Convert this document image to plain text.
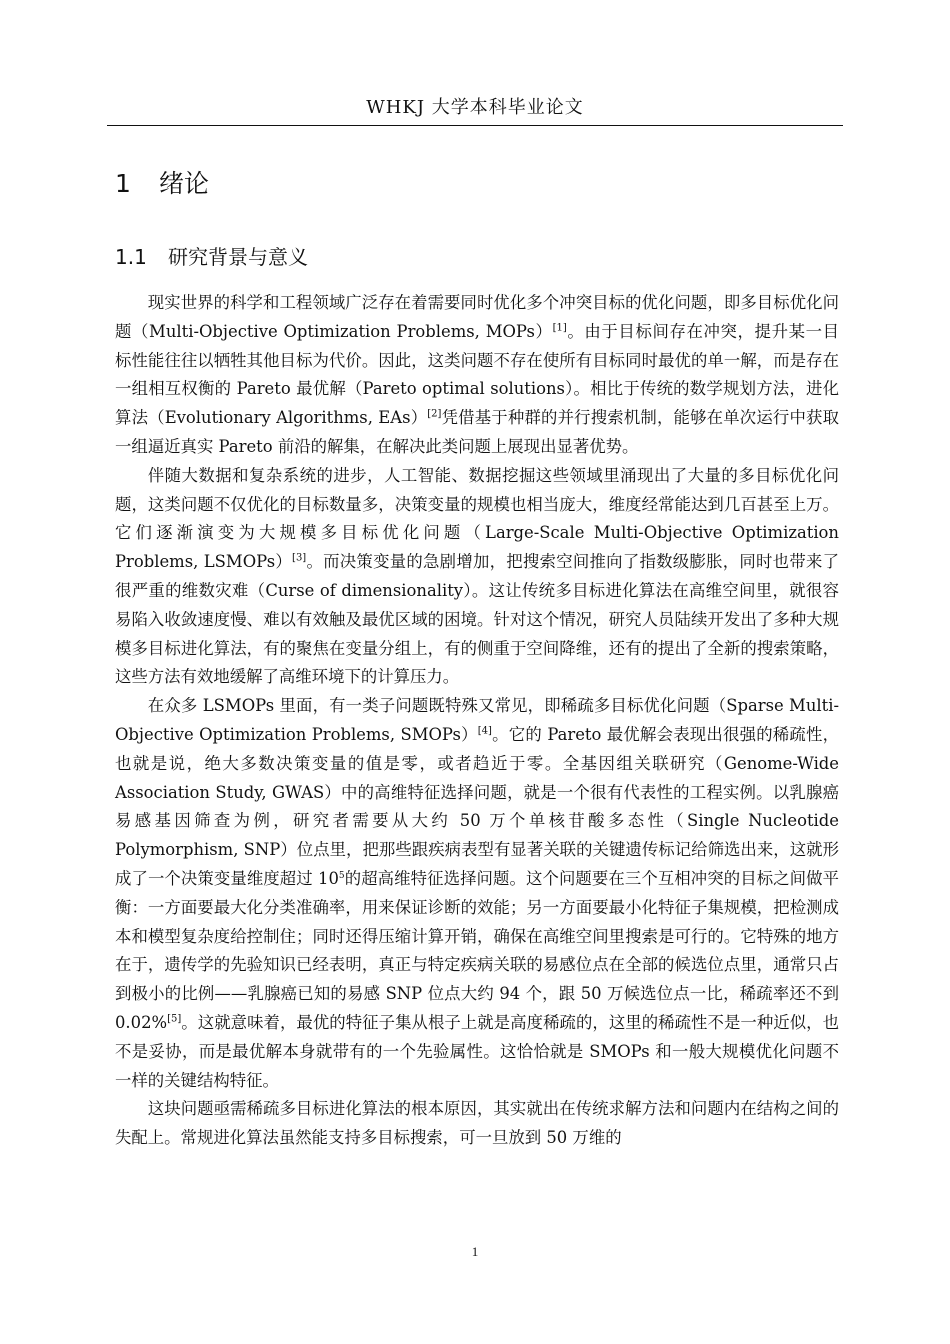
WHKJ 大学本科毕业论文
1 绪论
1.1 研究背景与意义

现实世界的科学和工程领域广泛存在着需要同时优化多个冲突目标的优化问题，即多目标优化问题（Multi-Objective Optimization Problems, MOPs）[1]。由于目标间存在冲突，提升某一目标性能往往以牺牲其他目标为代价。因此，这类问题不存在使所有目标同时最优的单一解，而是存在一组相互权衡的 Pareto 最优解（Pareto optimal solutions）。相比于传统的数学规划方法，进化算法（Evolutionary Algorithms, EAs）[2]凭借基于种群的并行搜索机制，能够在单次运行中获取一组逼近真实 Pareto 前沿的解集，在解决此类问题上展现出显著优势。

伴随大数据和复杂系统的进步，人工智能、数据挖掘这些领域里涌现出了大量的多目标优化问题，这类问题不仅优化的目标数量多，决策变量的规模也相当庞大，维度经常能达到几百甚至上万。它们逐渐演变为大规模多目标优化问题（Large-Scale Multi-Objective Optimization Problems, LSMOPs）[3]。而决策变量的急剧增加，把搜索空间推向了指数级膨胀，同时也带来了很严重的维数灾难（Curse of dimensionality）。这让传统多目标进化算法在高维空间里，就很容易陷入收敛速度慢、难以有效触及最优区域的困境。针对这个情况，研究人员陆续开发出了多种大规模多目标进化算法，有的聚焦在变量分组上，有的侧重于空间降维，还有的提出了全新的搜索策略，这些方法有效地缓解了高维环境下的计算压力。

在众多 LSMOPs 里面，有一类子问题既特殊又常见，即稀疏多目标优化问题（Sparse Multi-Objective Optimization Problems, SMOPs）[4]。它的 Pareto 最优解会表现出很强的稀疏性，也就是说，绝大多数决策变量的值是零，或者趋近于零。全基因组关联研究（Genome-Wide Association Study, GWAS）中的高维特征选择问题，就是一个很有代表性的工程实例。以乳腺癌易感基因筛查为例，研究者需要从大约 50 万个单核苷酸多态性（Single Nucleotide Polymorphism, SNP）位点里，把那些跟疾病表型有显著关联的关键遗传标记给筛选出来，这就形成了一个决策变量维度超过 $10^5$的超高维特征选择问题。这个问题要在三个互相冲突的目标之间做平衡：一方面要最大化分类准确率，用来保证诊断的效能；另一方面要最小化特征子集规模，把检测成本和模型复杂度给控制住；同时还得压缩计算开销，确保在高维空间里搜索是可行的。它特殊的地方在于，遗传学的先验知识已经表明，真正与特定疾病关联的易感位点在全部的候选位点里，通常只占到极小的比例——乳腺癌已知的易感 SNP 位点大约 94 个，跟 50 万候选位点一比，稀疏率还不到 0.02%[5]。这就意味着，最优的特征子集从根子上就是高度稀疏的，这里的稀疏性不是一种近似，也不是妥协，而是最优解本身就带有的一个先验属性。这恰恰就是 SMOPs 和一般大规模优化问题不一样的关键结构特征。

这块问题亟需稀疏多目标进化算法的根本原因，其实就出在传统求解方法和问题内在结构之间的失配上。常规进化算法虽然能支持多目标搜索，可一旦放到 50 万维的

1
